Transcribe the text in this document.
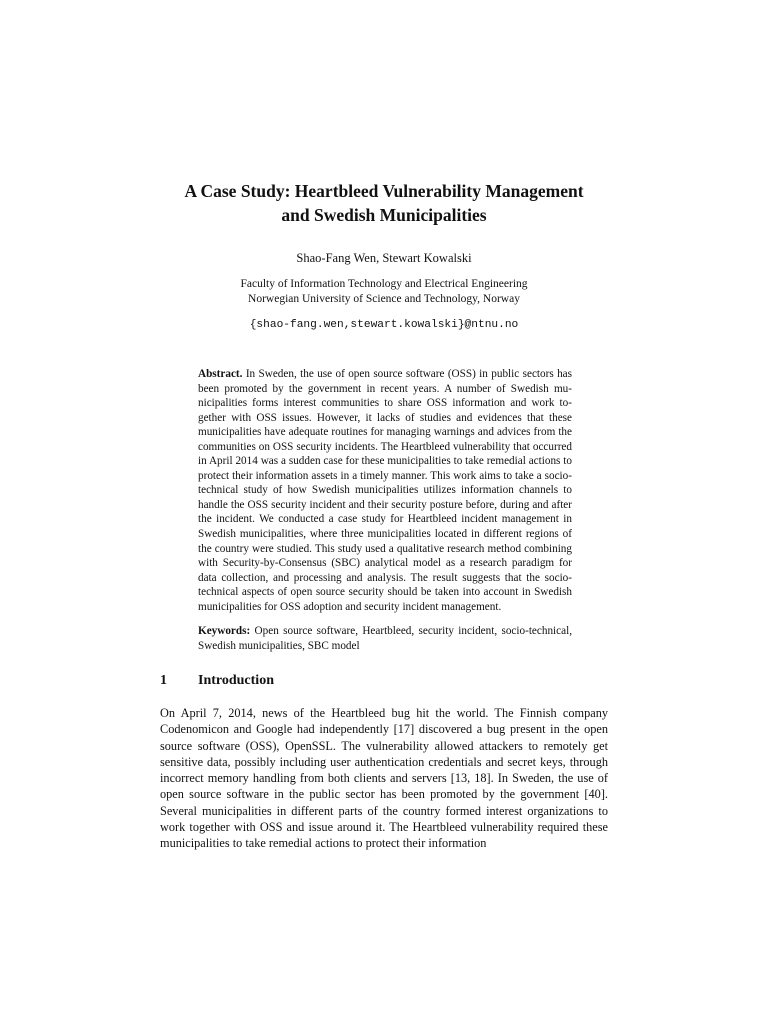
A Case Study: Heartbleed Vulnerability Management
and Swedish Municipalities
Shao-Fang Wen, Stewart Kowalski
Faculty of Information Technology and Electrical Engineering
Norwegian University of Science and Technology, Norway
{shao-fang.wen,stewart.kowalski}@ntnu.no
Abstract. In Sweden, the use of open source software (OSS) in public sectors has been promoted by the government in recent years. A number of Swedish municipalities forms interest communities to share OSS information and work together with OSS issues. However, it lacks of studies and evidences that these municipalities have adequate routines for managing warnings and advices from the communities on OSS security incidents. The Heartbleed vulnerability that occurred in April 2014 was a sudden case for these municipalities to take remedial actions to protect their information assets in a timely manner. This work aims to take a socio-technical study of how Swedish municipalities utilizes information channels to handle the OSS security incident and their security posture before, during and after the incident. We conducted a case study for Heartbleed incident management in Swedish municipalities, where three municipalities located in different regions of the country were studied. This study used a qualitative research method combining with Security-by-Consensus (SBC) analytical model as a research paradigm for data collection, and processing and analysis. The result suggests that the socio-technical aspects of open source security should be taken into account in Swedish municipalities for OSS adoption and security incident management.
Keywords: Open source software, Heartbleed, security incident, socio-technical, Swedish municipalities, SBC model
1 Introduction
On April 7, 2014, news of the Heartbleed bug hit the world. The Finnish company Codenomicon and Google had independently [17] discovered a bug present in the open source software (OSS), OpenSSL. The vulnerability allowed attackers to remotely get sensitive data, possibly including user authentication credentials and secret keys, through incorrect memory handling from both clients and servers [13, 18]. In Sweden, the use of open source software in the public sector has been promoted by the government [40]. Several municipalities in different parts of the country formed interest organizations to work together with OSS and issue around it. The Heartbleed vulnerability required these municipalities to take remedial actions to protect their information
